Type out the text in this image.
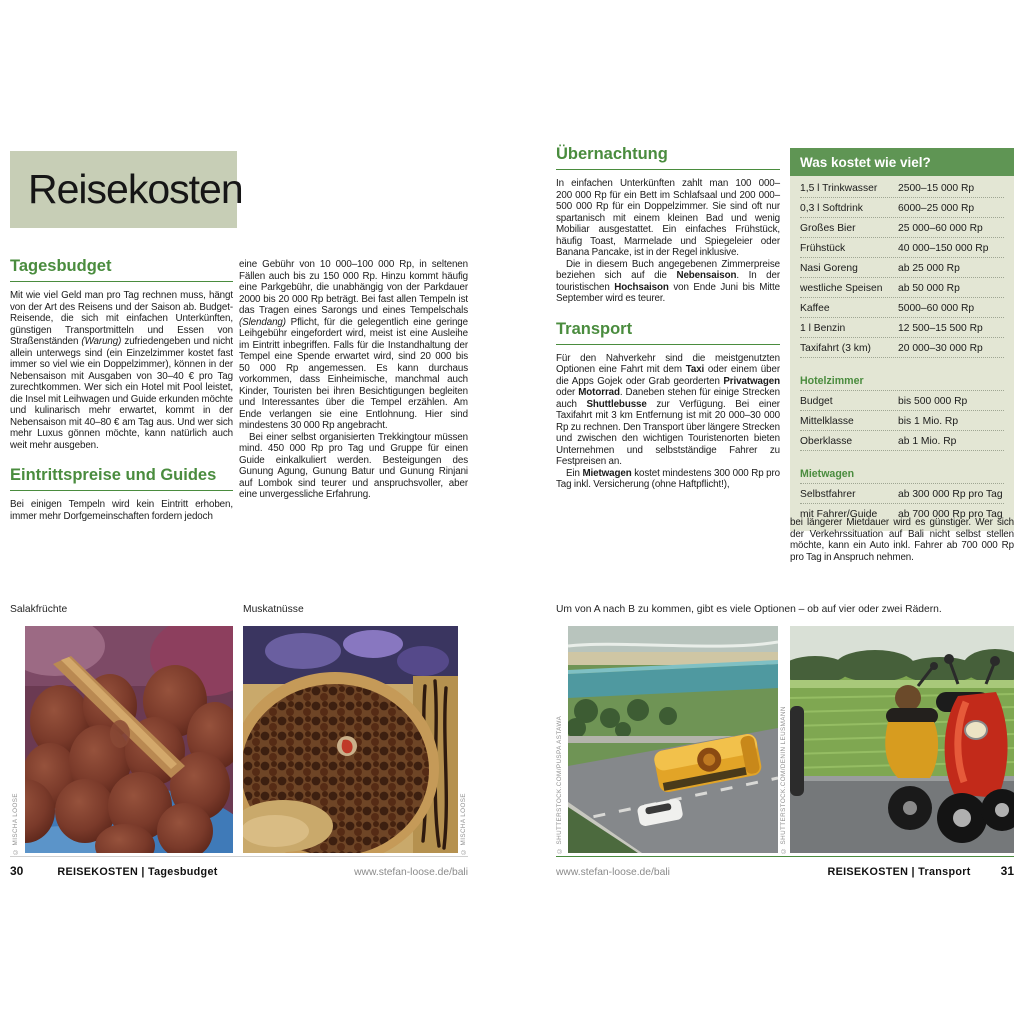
Reisekosten
Tagesbudget

Mit wie viel Geld man pro Tag rechnen muss, hängt von der Art des Reisens und der Saison ab. Budget-Reisende, die sich mit einfachen Unterkünften, günstigen Transportmitteln und Essen von Straßenständen (Warung) zufriedengeben und nicht allein unterwegs sind (ein Einzelzimmer kostet fast immer so viel wie ein Doppelzimmer), können in der Nebensaison mit Ausgaben von 30–40 € pro Tag zurechtkommen. Wer sich ein Hotel mit Pool leistet, die Insel mit Leihwagen und Guide erkunden möchte und kulinarisch mehr erwartet, kommt in der Nebensaison mit 40–80 € am Tag aus. Und wer sich mehr Luxus gönnen möchte, kann natürlich auch weit mehr ausgeben.

Eintrittspreise und Guides

Bei einigen Tempeln wird kein Eintritt erhoben, immer mehr Dorfgemeinschaften fordern jedoch

eine Gebühr von 10 000–100 000 Rp, in seltenen Fällen auch bis zu 150 000 Rp. Hinzu kommt häufig eine Parkgebühr, die unabhängig von der Parkdauer 2000 bis 20 000 Rp beträgt. Bei fast allen Tempeln ist das Tragen eines Sarongs und eines Tempelschals (Slendang) Pflicht, für die gelegentlich eine geringe Leihgebühr eingefordert wird, meist ist eine Ausleihe im Eintritt inbegriffen. Falls für die Instandhaltung der Tempel eine Spende erwartet wird, sind 20 000 bis 50 000 Rp angemessen. Es kann durchaus vorkommen, dass Einheimische, manchmal auch Kinder, Touristen bei ihren Besichtigungen begleiten und Interessantes über die Tempel erzählen. Am Ende verlangen sie eine Entlohnung. Hier sind mindestens 30 000 Rp angebracht.

Bei einer selbst organisierten Trekkingtour müssen mind. 450 000 Rp pro Tag und Gruppe für einen Guide einkalkuliert werden. Besteigungen des Gunung Agung, Gunung Batur und Gunung Rinjani auf Lombok sind teurer und anspruchsvoller, aber eine unvergessliche Erfahrung.

Salakfrüchte	Muskatnüsse
Übernachtung

In einfachen Unterkünften zahlt man 100 000–200 000 Rp für ein Bett im Schlafsaal und 200 000–500 000 Rp für ein Doppelzimmer. Sie sind oft nur spartanisch mit einem kleinen Bad und wenig Mobiliar ausgestattet. Ein einfaches Frühstück, häufig Toast, Marmelade und Spiegeleier oder Banana Pancake, ist in der Regel inklusive.

Die in diesem Buch angegebenen Zimmerpreise beziehen sich auf die Nebensaison. In der touristischen Hochsaison von Ende Juni bis Mitte September wird es teurer.

Transport

Für den Nahverkehr sind die meistgenutzten Optionen eine Fahrt mit dem Taxi oder einem über die Apps Gojek oder Grab georderten Privatwagen oder Motorrad. Daneben stehen für einige Strecken auch Shuttlebusse zur Verfügung. Bei einer Taxifahrt mit 3 km Entfernung ist mit 20 000–30 000 Rp zu rechnen. Den Transport über längere Strecken und zwischen den wichtigen Touristenorten bieten Unternehmen und selbstständige Fahrer zu Festpreisen an.

Ein Mietwagen kostet mindestens 300 000 Rp pro Tag inkl. Versicherung (ohne Haftpflicht!),

Was kostet wie viel?
1,5 l Trinkwasser	2500–15 000 Rp
0,3 l Softdrink	6000–25 000 Rp
Großes Bier	25 000–60 000 Rp
Frühstück	40 000–150 000 Rp
Nasi Goreng	ab 25 000 Rp
westliche Speisen	ab 50 000 Rp
Kaffee	5000–60 000 Rp
1 l Benzin	12 500–15 500 Rp
Taxifahrt (3 km)	20 000–30 000 Rp
Hotelzimmer
Budget	bis 500 000 Rp
Mittelklasse	bis 1 Mio. Rp
Oberklasse	ab 1 Mio. Rp
Mietwagen
Selbstfahrer	ab 300 000 Rp pro Tag
mit Fahrer/Guide	ab 700 000 Rp pro Tag

bei längerer Mietdauer wird es günstiger. Wer sich der Verkehrssituation auf Bali nicht selbst stellen möchte, kann ein Auto inkl. Fahrer ab 700 000 Rp pro Tag in Anspruch nehmen.

Um von A nach B zu kommen, gibt es viele Optionen – ob auf vier oder zwei Rädern.
© MISCHA LOOSE	© MISCHA LOOSE	© SHUTTERSTOCK.COM/PUSPA ASTAWA	© SHUTTERSTOCK.COM/DENIN LEUSMANN
30	REISEKOSTEN | Tagesbudget	www.stefan-loose.de/bali	www.stefan-loose.de/bali	REISEKOSTEN | Transport	31
